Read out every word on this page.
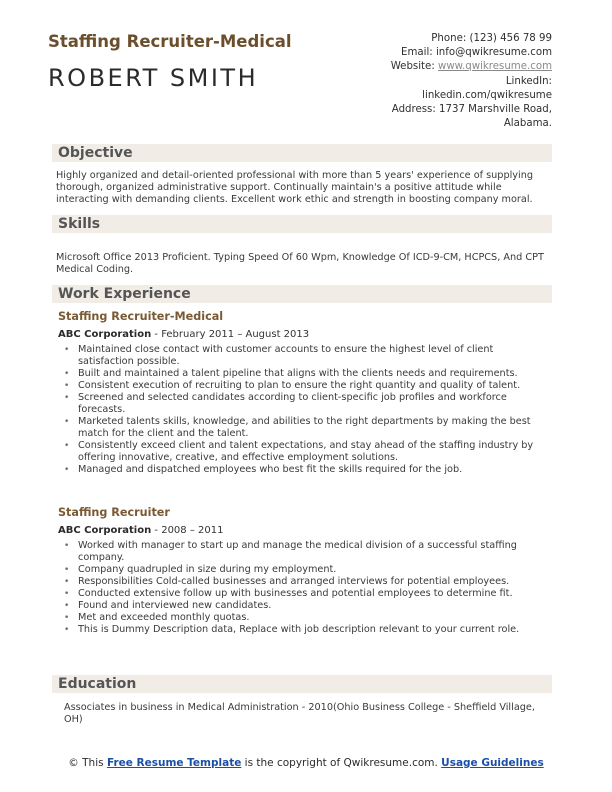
Staffing Recruiter-Medical
ROBERT SMITH
Phone: (123) 456 78 99
Email: info@qwikresume.com
Website: www.qwikresume.com
LinkedIn:
linkedin.com/qwikresume
Address: 1737 Marshville Road,
Alabama.
Objective
Highly organized and detail-oriented professional with more than 5 years' experience of supplying thorough, organized administrative support. Continually maintain's a positive attitude while interacting with demanding clients. Excellent work ethic and strength in boosting company moral.
Skills
Microsoft Office 2013 Proficient. Typing Speed Of 60 Wpm, Knowledge Of ICD-9-CM, HCPCS, And CPT Medical Coding.
Work Experience
Staffing Recruiter-Medical
ABC Corporation - February 2011 – August 2013
• Maintained close contact with customer accounts to ensure the highest level of client satisfaction possible.
• Built and maintained a talent pipeline that aligns with the clients needs and requirements.
• Consistent execution of recruiting to plan to ensure the right quantity and quality of talent.
• Screened and selected candidates according to client-specific job profiles and workforce forecasts.
• Marketed talents skills, knowledge, and abilities to the right departments by making the best match for the client and the talent.
• Consistently exceed client and talent expectations, and stay ahead of the staffing industry by offering innovative, creative, and effective employment solutions.
• Managed and dispatched employees who best fit the skills required for the job.
Staffing Recruiter
ABC Corporation - 2008 – 2011
• Worked with manager to start up and manage the medical division of a successful staffing company.
• Company quadrupled in size during my employment.
• Responsibilities Cold-called businesses and arranged interviews for potential employees.
• Conducted extensive follow up with businesses and potential employees to determine fit.
• Found and interviewed new candidates.
• Met and exceeded monthly quotas.
• This is Dummy Description data, Replace with job description relevant to your current role.
Education
Associates in business in Medical Administration - 2010(Ohio Business College - Sheffield Village, OH)
© This Free Resume Template is the copyright of Qwikresume.com. Usage Guidelines
